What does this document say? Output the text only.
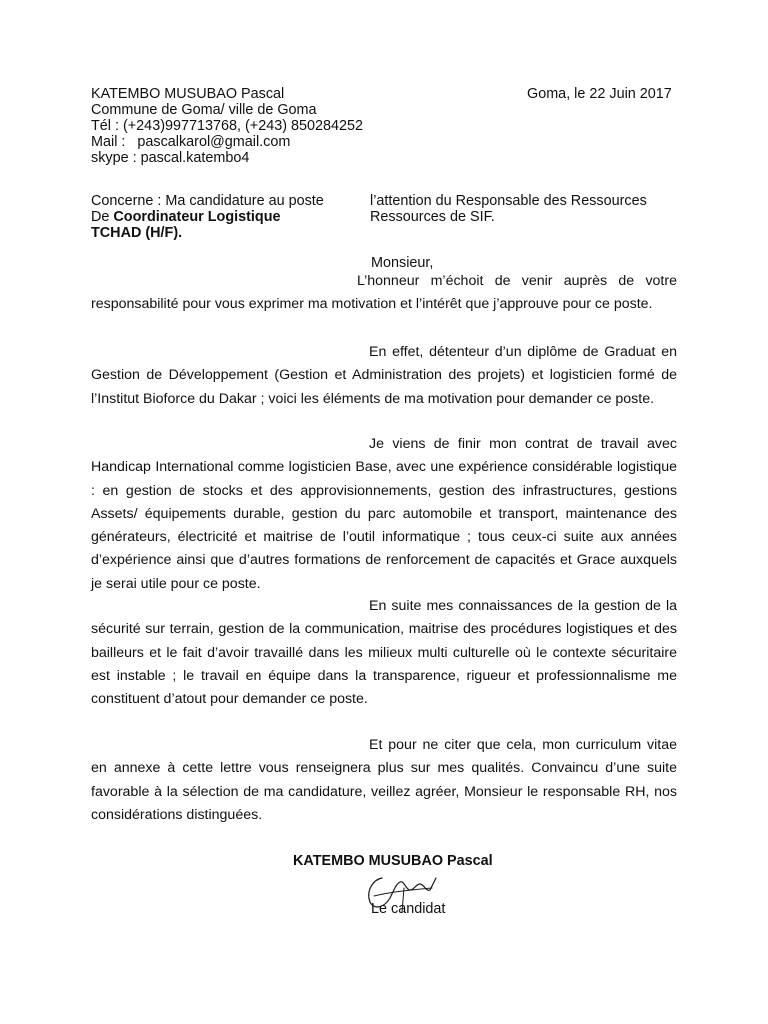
KATEMBO MUSUBAO Pascal
Commune de Goma/ ville de Goma
Tél : (+243)997713768, (+243) 850284252
Mail : pascalkarol@gmail.com
skype : pascal.katembo4
Goma, le 22 Juin 2017
Concerne : Ma candidature au poste
De Coordinateur Logistique
TCHAD (H/F).
l’attention du Responsable des Ressources
Ressources de SIF.
Monsieur,

L’honneur m’échoit de venir auprès de votre responsabilité pour vous exprimer ma motivation et l’intérêt que j’approuve pour ce poste.

En effet, détenteur d’un diplôme de Graduat en Gestion de Développement (Gestion et Administration des projets) et logisticien formé de l’Institut Bioforce du Dakar ; voici les éléments de ma motivation pour demander ce poste.

Je viens de finir mon contrat de travail avec Handicap International comme logisticien Base, avec une expérience considérable logistique : en gestion de stocks et des approvisionnements, gestion des infrastructures, gestions Assets/ équipements durable, gestion du parc automobile et transport, maintenance des générateurs, électricité et maitrise de l’outil informatique ; tous ceux-ci suite aux années d’expérience ainsi que d’autres formations de renforcement de capacités et Grace auxquels je serai utile pour ce poste.

En suite mes connaissances de la gestion de la sécurité sur terrain, gestion de la communication, maitrise des procédures logistiques et des bailleurs et le fait d’avoir travaillé dans les milieux multi culturelle où le contexte sécuritaire est instable ; le travail en équipe dans la transparence, rigueur et professionnalisme me constituent d’atout pour demander ce poste.

Et pour ne citer que cela, mon curriculum vitae en annexe à cette lettre vous renseignera plus sur mes qualités. Convaincu d’une suite favorable à la sélection de ma candidature, veillez agréer, Monsieur le responsable RH, nos considérations distinguées.

KATEMBO MUSUBAO Pascal
Le candidat
